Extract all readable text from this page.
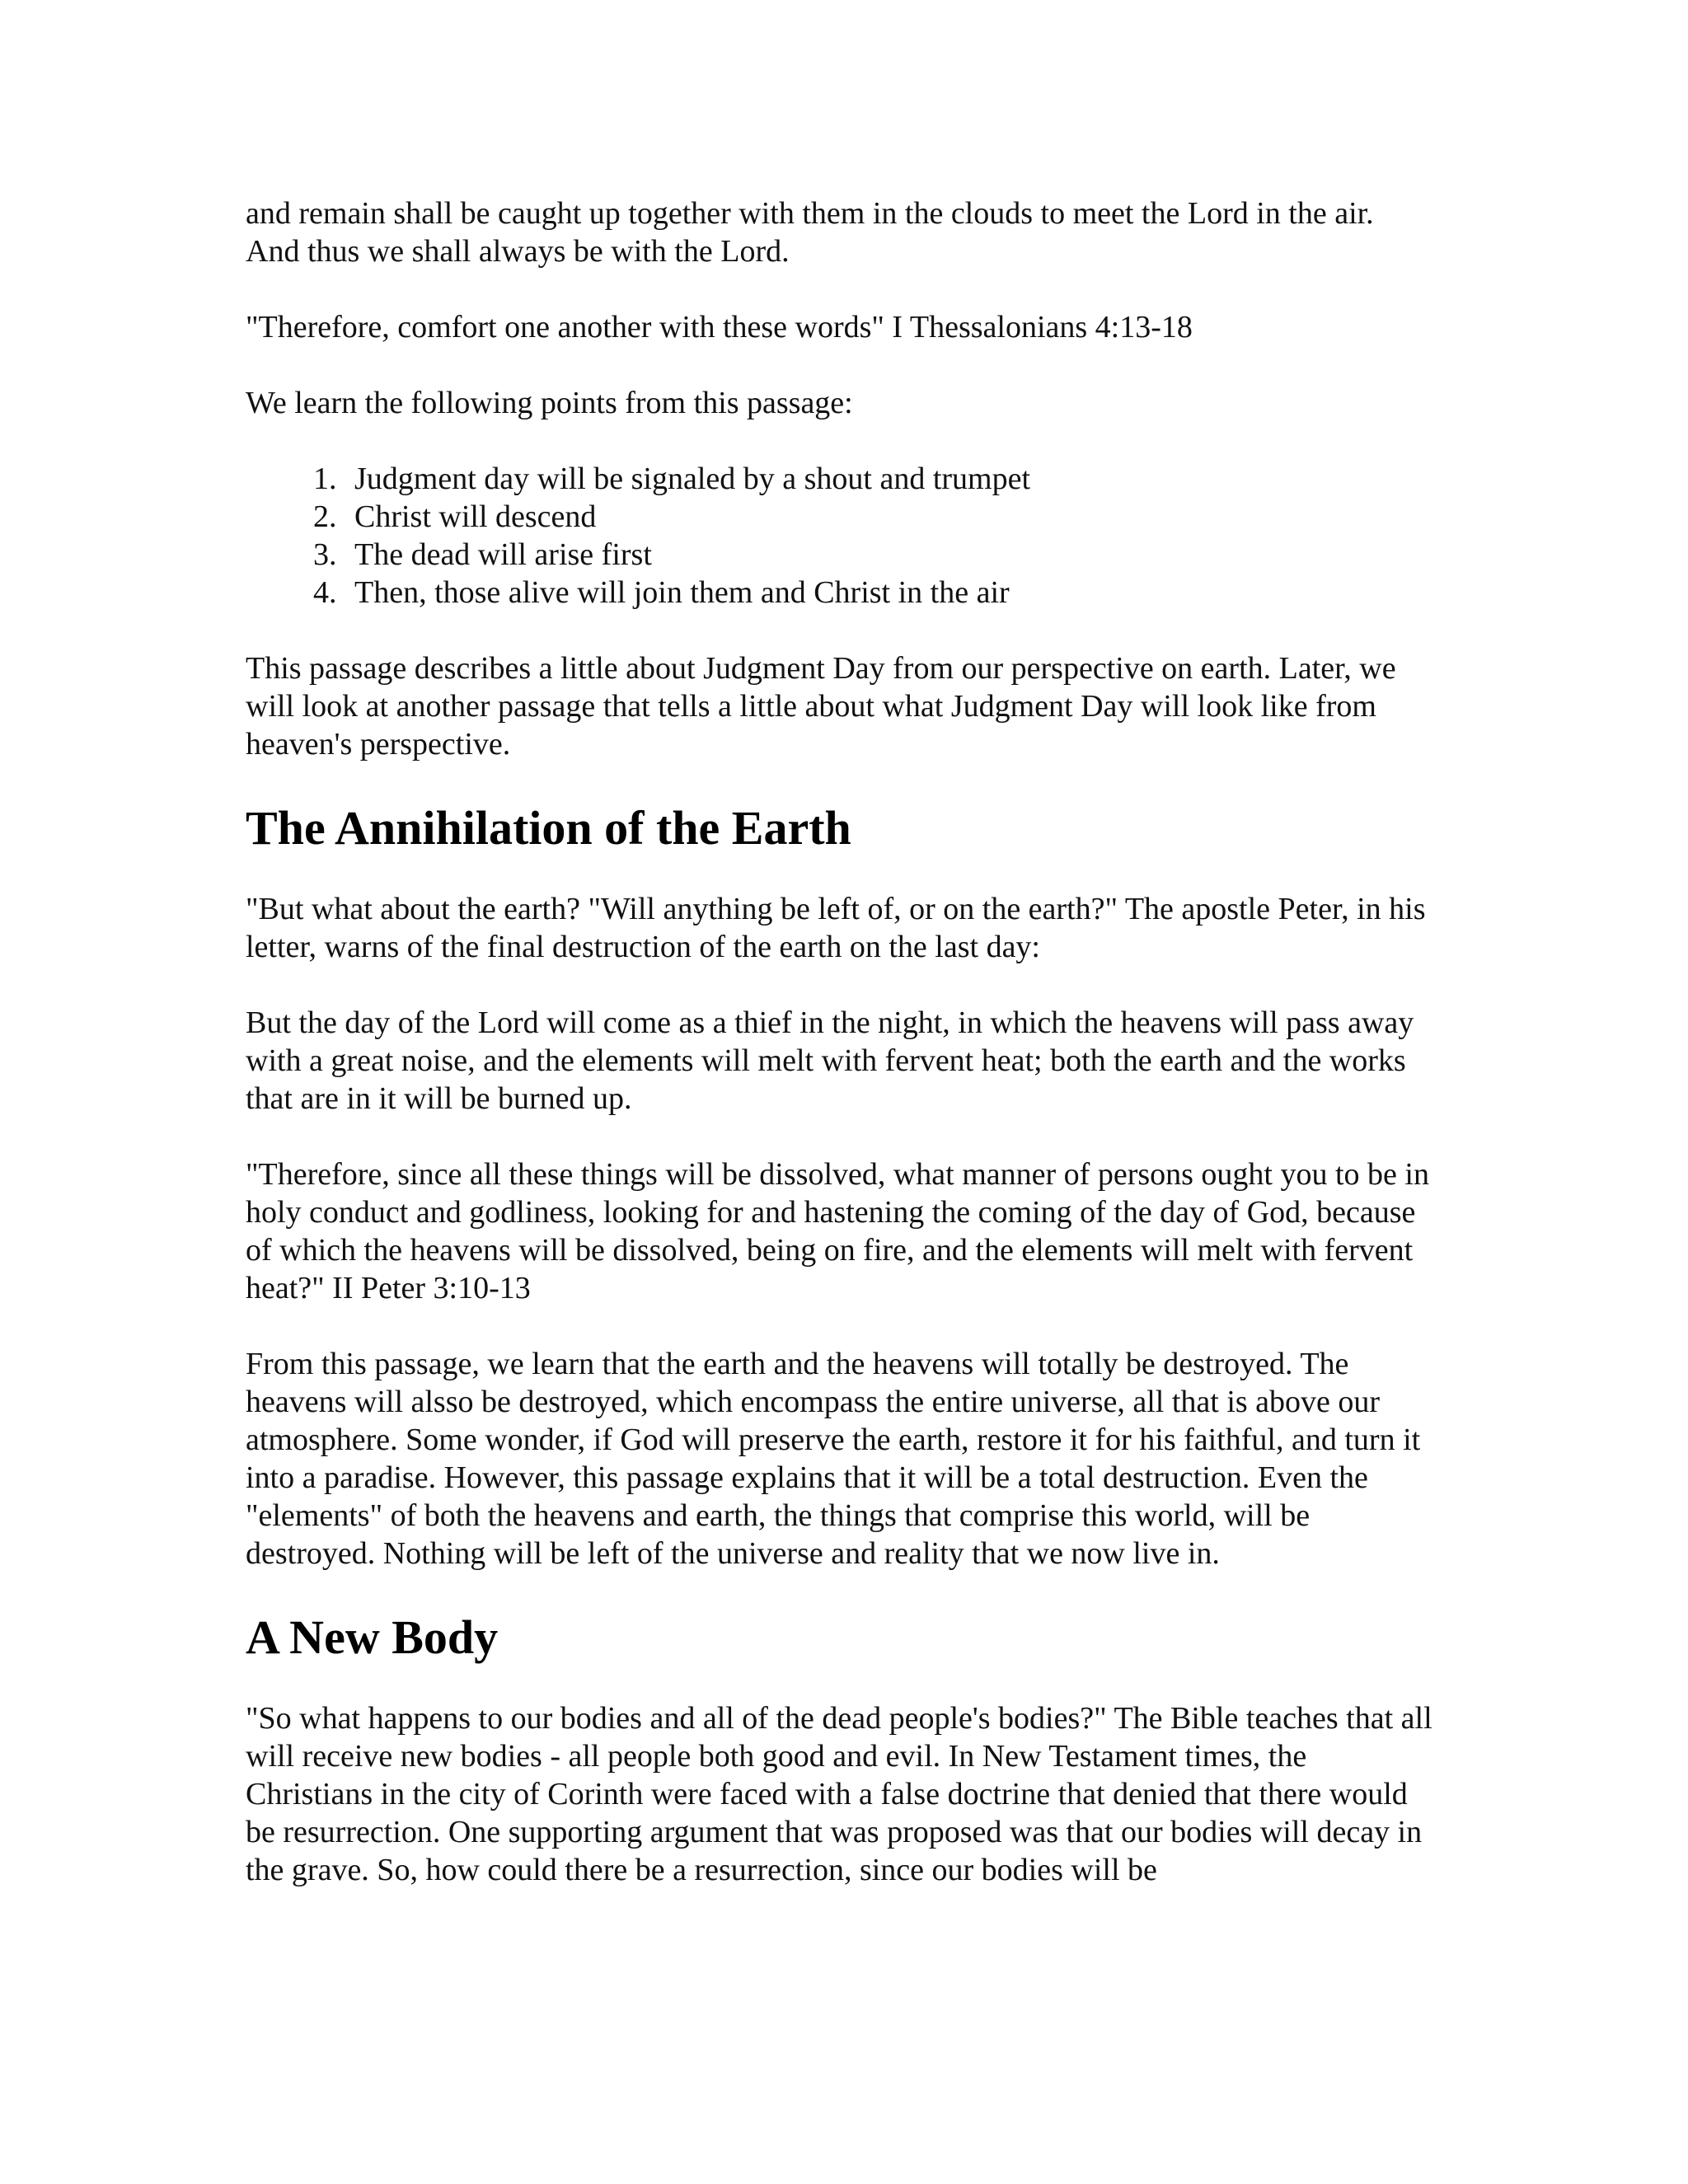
and remain shall be caught up together with them in the clouds to meet the Lord in the air. And thus we shall always be with the Lord.

"Therefore, comfort one another with these words" I Thessalonians 4:13-18

We learn the following points from this passage:

1. Judgment day will be signaled by a shout and trumpet
2. Christ will descend
3. The dead will arise first
4. Then, those alive will join them and Christ in the air

This passage describes a little about Judgment Day from our perspective on earth. Later, we will look at another passage that tells a little about what Judgment Day will look like from heaven's perspective.

The Annihilation of the Earth

"But what about the earth? "Will anything be left of, or on the earth?" The apostle Peter, in his letter, warns of the final destruction of the earth on the last day:

But the day of the Lord will come as a thief in the night, in which the heavens will pass away with a great noise, and the elements will melt with fervent heat; both the earth and the works that are in it will be burned up.

"Therefore, since all these things will be dissolved, what manner of persons ought you to be in holy conduct and godliness, looking for and hastening the coming of the day of God, because of which the heavens will be dissolved, being on fire, and the elements will melt with fervent heat?" II Peter 3:10-13

From this passage, we learn that the earth and the heavens will totally be destroyed. The heavens will alsso be destroyed, which encompass the entire universe, all that is above our atmosphere. Some wonder, if God will preserve the earth, restore it for his faithful, and turn it into a paradise. However, this passage explains that it will be a total destruction. Even the "elements" of both the heavens and earth, the things that comprise this world, will be destroyed. Nothing will be left of the universe and reality that we now live in.

A New Body

"So what happens to our bodies and all of the dead people's bodies?" The Bible teaches that all will receive new bodies - all people both good and evil. In New Testament times, the Christians in the city of Corinth were faced with a false doctrine that denied that there would be resurrection. One supporting argument that was proposed was that our bodies will decay in the grave. So, how could there be a resurrection, since our bodies will be
